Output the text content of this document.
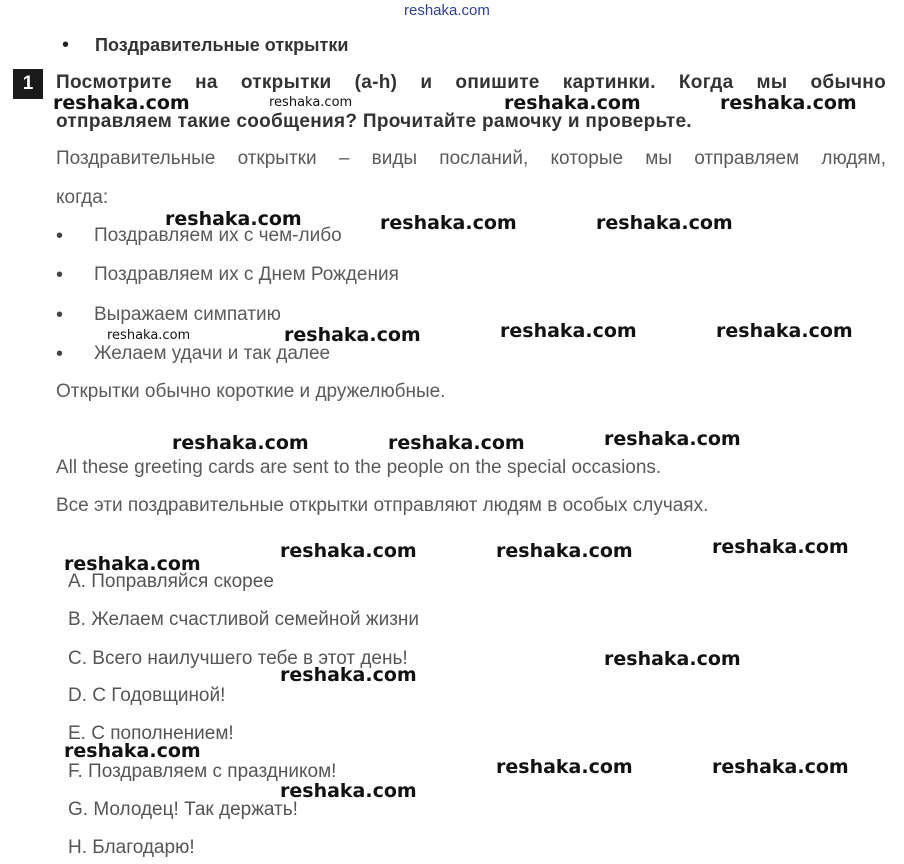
reshaka.com
• Поздравительные открытки
1	Посмотрите на открытки (a-h) и опишите картинки. Когда мы обычно
отправляем такие сообщения? Прочитайте рамочку и проверьте.
Поздравительные открытки – виды посланий, которые мы отправляем людям,
когда:
• Поздравляем их с чем-либо
• Поздравляем их с Днем Рождения
• Выражаем симпатию
• Желаем удачи и так далее
Открытки обычно короткие и дружелюбные.
All these greeting cards are sent to the people on the special occasions.
Все эти поздравительные открытки отправляют людям в особых случаях.
А. Поправляйся скорее
В. Желаем счастливой семейной жизни
С. Всего наилучшего тебе в этот день!
D. С Годовщиной!
Е. С пополнением!
F. Поздравляем с праздником!
G. Молодец! Так держать!
Н. Благодарю!
reshaka.com	reshaka.com	reshaka.com	reshaka.com
reshaka.com	reshaka.com	reshaka.com
reshaka.com	reshaka.com	reshaka.com	reshaka.com
reshaka.com	reshaka.com	reshaka.com
reshaka.com
reshaka.com	reshaka.com	reshaka.com
reshaka.com
reshaka.com
reshaka.com
reshaka.com	reshaka.com
reshaka.com
